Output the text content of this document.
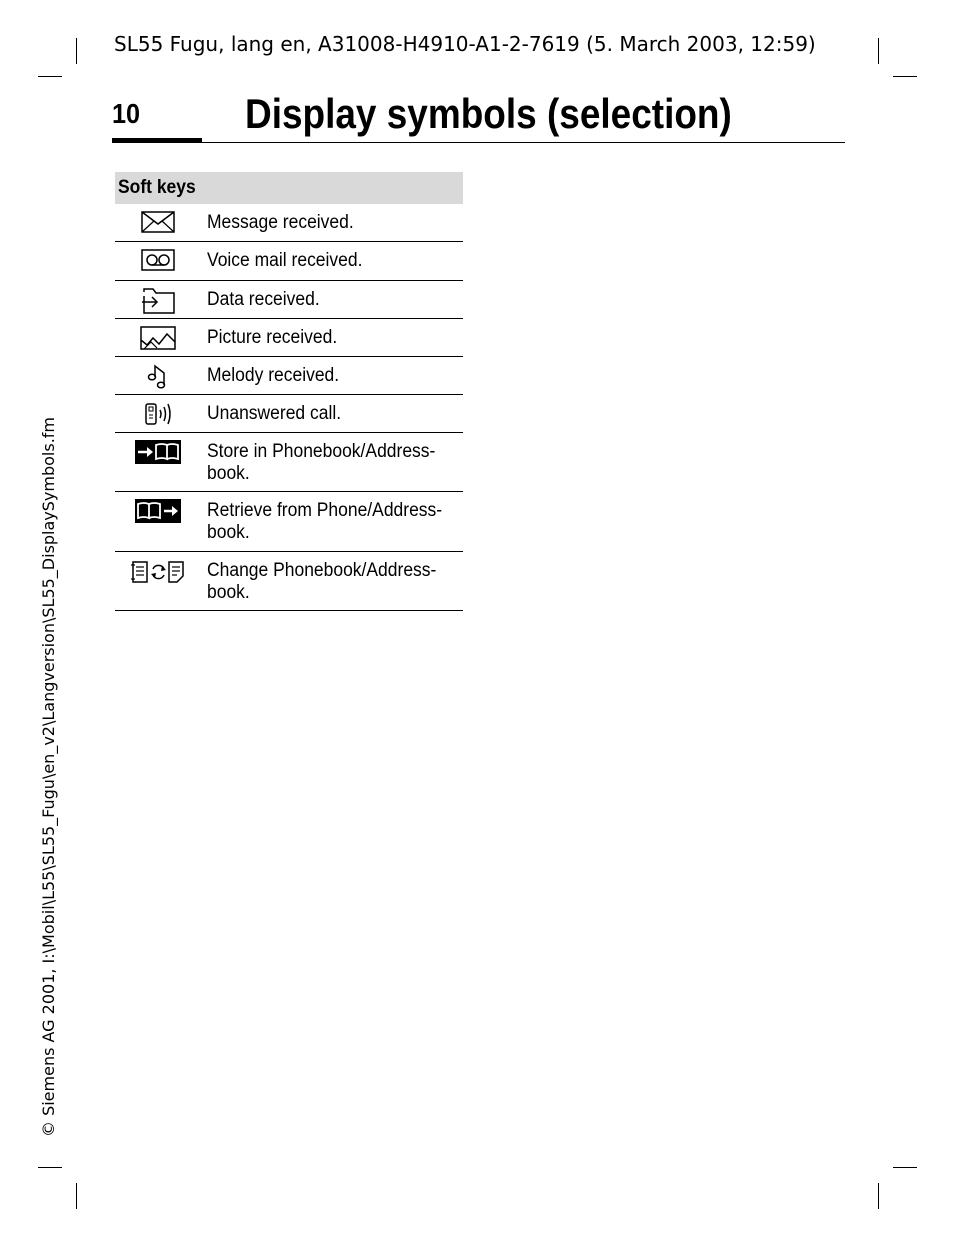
SL55 Fugu, lang en, A31008-H4910-A1-2-7619 (5. March 2003, 12:59)
10 Display symbols (selection)
© Siemens AG 2001, I:\Mobil\L55\SL55_Fugu\en_v2\Langversion\SL55_DisplaySymbols.fm
Soft keys
Message received.
Voice mail received.
Data received.
Picture received.
Melody received.
Unanswered call.
Store in Phonebook/Address-
book.
Retrieve from Phone/Address-
book.
Change Phonebook/Address-
book.
